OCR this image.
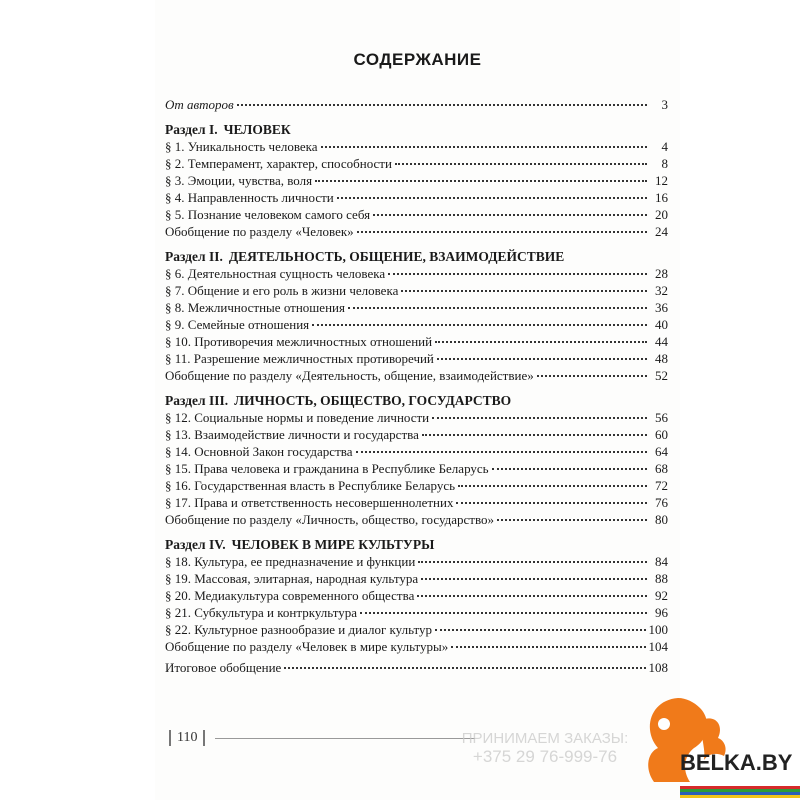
СОДЕРЖАНИЕ
От авторов	3
Раздел I. ЧЕЛОВЕК
§ 1. Уникальность человека	4
§ 2. Темперамент, характер, способности	8
§ 3. Эмоции, чувства, воля	12
§ 4. Направленность личности	16
§ 5. Познание человеком самого себя	20
Обобщение по разделу «Человек»	24
Раздел II. ДЕЯТЕЛЬНОСТЬ, ОБЩЕНИЕ, ВЗАИМОДЕЙСТВИЕ
§ 6. Деятельностная сущность человека	28
§ 7. Общение и его роль в жизни человека	32
§ 8. Межличностные отношения	36
§ 9. Семейные отношения	40
§ 10. Противоречия межличностных отношений	44
§ 11. Разрешение межличностных противоречий	48
Обобщение по разделу «Деятельность, общение, взаимодействие»	52
Раздел III. ЛИЧНОСТЬ, ОБЩЕСТВО, ГОСУДАРСТВО
§ 12. Социальные нормы и поведение личности	56
§ 13. Взаимодействие личности и государства	60
§ 14. Основной Закон государства	64
§ 15. Права человека и гражданина в Республике Беларусь	68
§ 16. Государственная власть в Республике Беларусь	72
§ 17. Права и ответственность несовершеннолетних	76
Обобщение по разделу «Личность, общество, государство»	80
Раздел IV. ЧЕЛОВЕК В МИРЕ КУЛЬТУРЫ
§ 18. Культура, ее предназначение и функции	84
§ 19. Массовая, элитарная, народная культура	88
§ 20. Медиакультура современного общества	92
§ 21. Субкультура и контркультура	96
§ 22. Культурное разнообразие и диалог культур	100
Обобщение по разделу «Человек в мире культуры»	104
Итоговое обобщение	108
110	ПРИНИМАЕМ ЗАКАЗЫ:
+375 29 76-999-76	BELKA.BY
